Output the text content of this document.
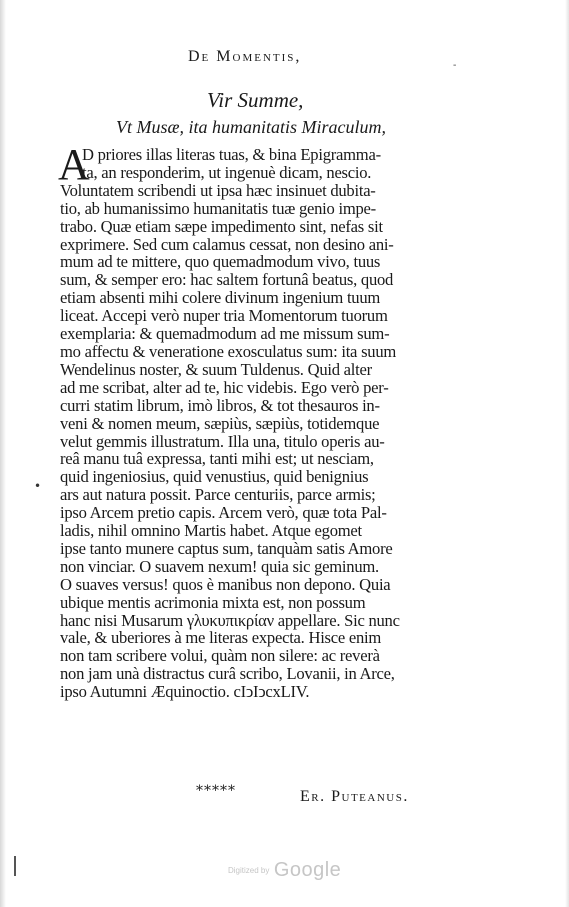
De Momentis,
-
Vir Summe,
Vt Musæ, ita humanitatis Miraculum,
A
•
D priores illas literas tuas, & bina Epigramma-
ta, an responderim, ut ingenuè dicam, nescio.
Voluntatem scribendi ut ipsa hæc insinuet dubita-
tio, ab humanissimo humanitatis tuæ genio impe-
trabo. Quæ etiam sæpe impedimento sint, nefas sit
exprimere. Sed cum calamus cessat, non desino ani-
mum ad te mittere, quo quemadmodum vivo, tuus
sum, & semper ero: hac saltem fortunâ beatus, quod
etiam absenti mihi colere divinum ingenium tuum
liceat. Accepi verò nuper tria Momentorum tuorum
exemplaria: & quemadmodum ad me missum sum-
mo affectu & veneratione exosculatus sum: ita suum
Wendelinus noster, & suum Tuldenus. Quid alter
ad me scribat, alter ad te, hic videbis. Ego verò per-
curri statim librum, imò libros, & tot thesauros in-
veni & nomen meum, sæpiùs, sæpiùs, totidemque
velut gemmis illustratum. Illa una, titulo operis au-
reâ manu tuâ expressa, tanti mihi est; ut nesciam,
quid ingeniosius, quid venustius, quid benignius
ars aut natura possit. Parce centuriis, parce armis;
ipso Arcem pretio capis. Arcem verò, quæ tota Pal-
ladis, nihil omnino Martis habet. Atque egomet
ipse tanto munere captus sum, tanquàm satis Amore
non vinciar. O suavem nexum! quia sic geminum.
O suaves versus! quos è manibus non depono. Quia
ubique mentis acrimonia mixta est, non possum
hanc nisi Musarum γλυκυπικρίαν appellare. Sic nunc
vale, & uberiores à me literas expecta. Hisce enim
non tam scribere volui, quàm non silere: ac reverà
non jam unà distractus curâ scribo, Lovanii, in Arce,
ipso Autumni Æquinoctio. cIↄIↄcxLIV.
*****	Er. Puteanus.
Digitized by Google
